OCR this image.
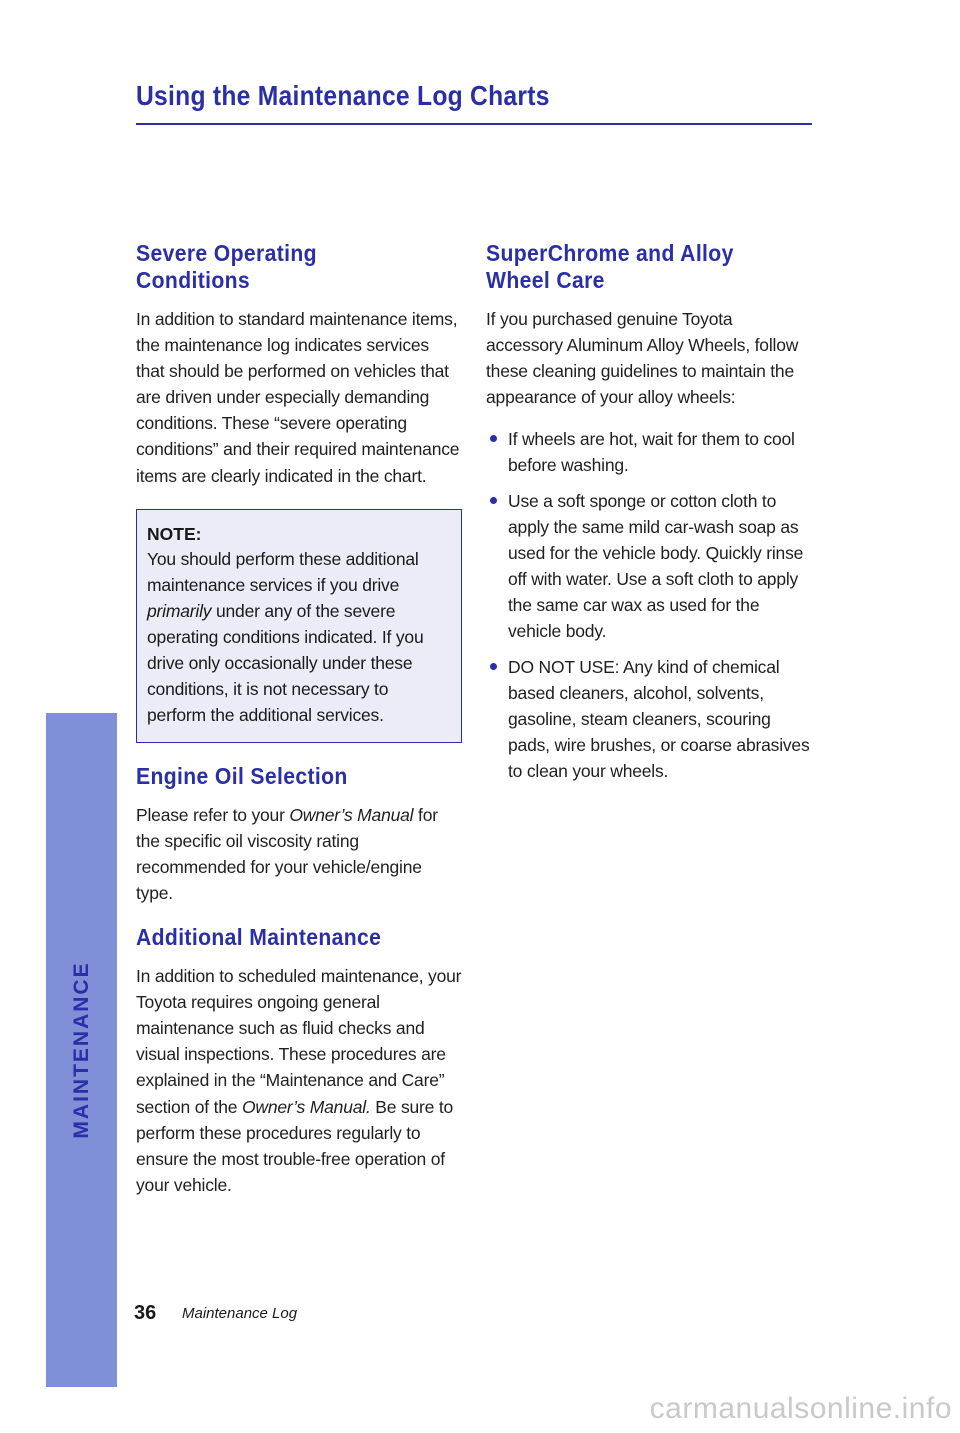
Using the Maintenance Log Charts
MAINTENANCE
Severe Operating Conditions

In addition to standard maintenance items, the maintenance log indicates services that should be performed on vehicles that are driven under especially demanding conditions. These “severe operating conditions” and their required maintenance items are clearly indicated in the chart.

NOTE:

You should perform these additional maintenance services if you drive primarily under any of the severe operating conditions indicated. If you drive only occasionally under these conditions, it is not necessary to perform the additional services.

Engine Oil Selection

Please refer to your Owner’s Manual for the specific oil viscosity rating recommended for your vehicle/engine type.

Additional Maintenance

In addition to scheduled maintenance, your Toyota requires ongoing general maintenance such as fluid checks and visual inspections. These procedures are explained in the “Maintenance and Care” section of the Owner’s Manual. Be sure to perform these procedures regularly to ensure the most trouble-free operation of your vehicle.

SuperChrome and Alloy Wheel Care

If you purchased genuine Toyota accessory Aluminum Alloy Wheels, follow these cleaning guidelines to maintain the appearance of your alloy wheels:

If wheels are hot, wait for them to cool before washing.
Use a soft sponge or cotton cloth to apply the same mild car-wash soap as used for the vehicle body. Quickly rinse off with water. Use a soft cloth to apply the same car wax as used for the vehicle body.
DO NOT USE: Any kind of chemical based cleaners, alcohol, solvents, gasoline, steam cleaners, scouring pads, wire brushes, or coarse abrasives to clean your wheels.
36 Maintenance Log
carmanualsonline.info
